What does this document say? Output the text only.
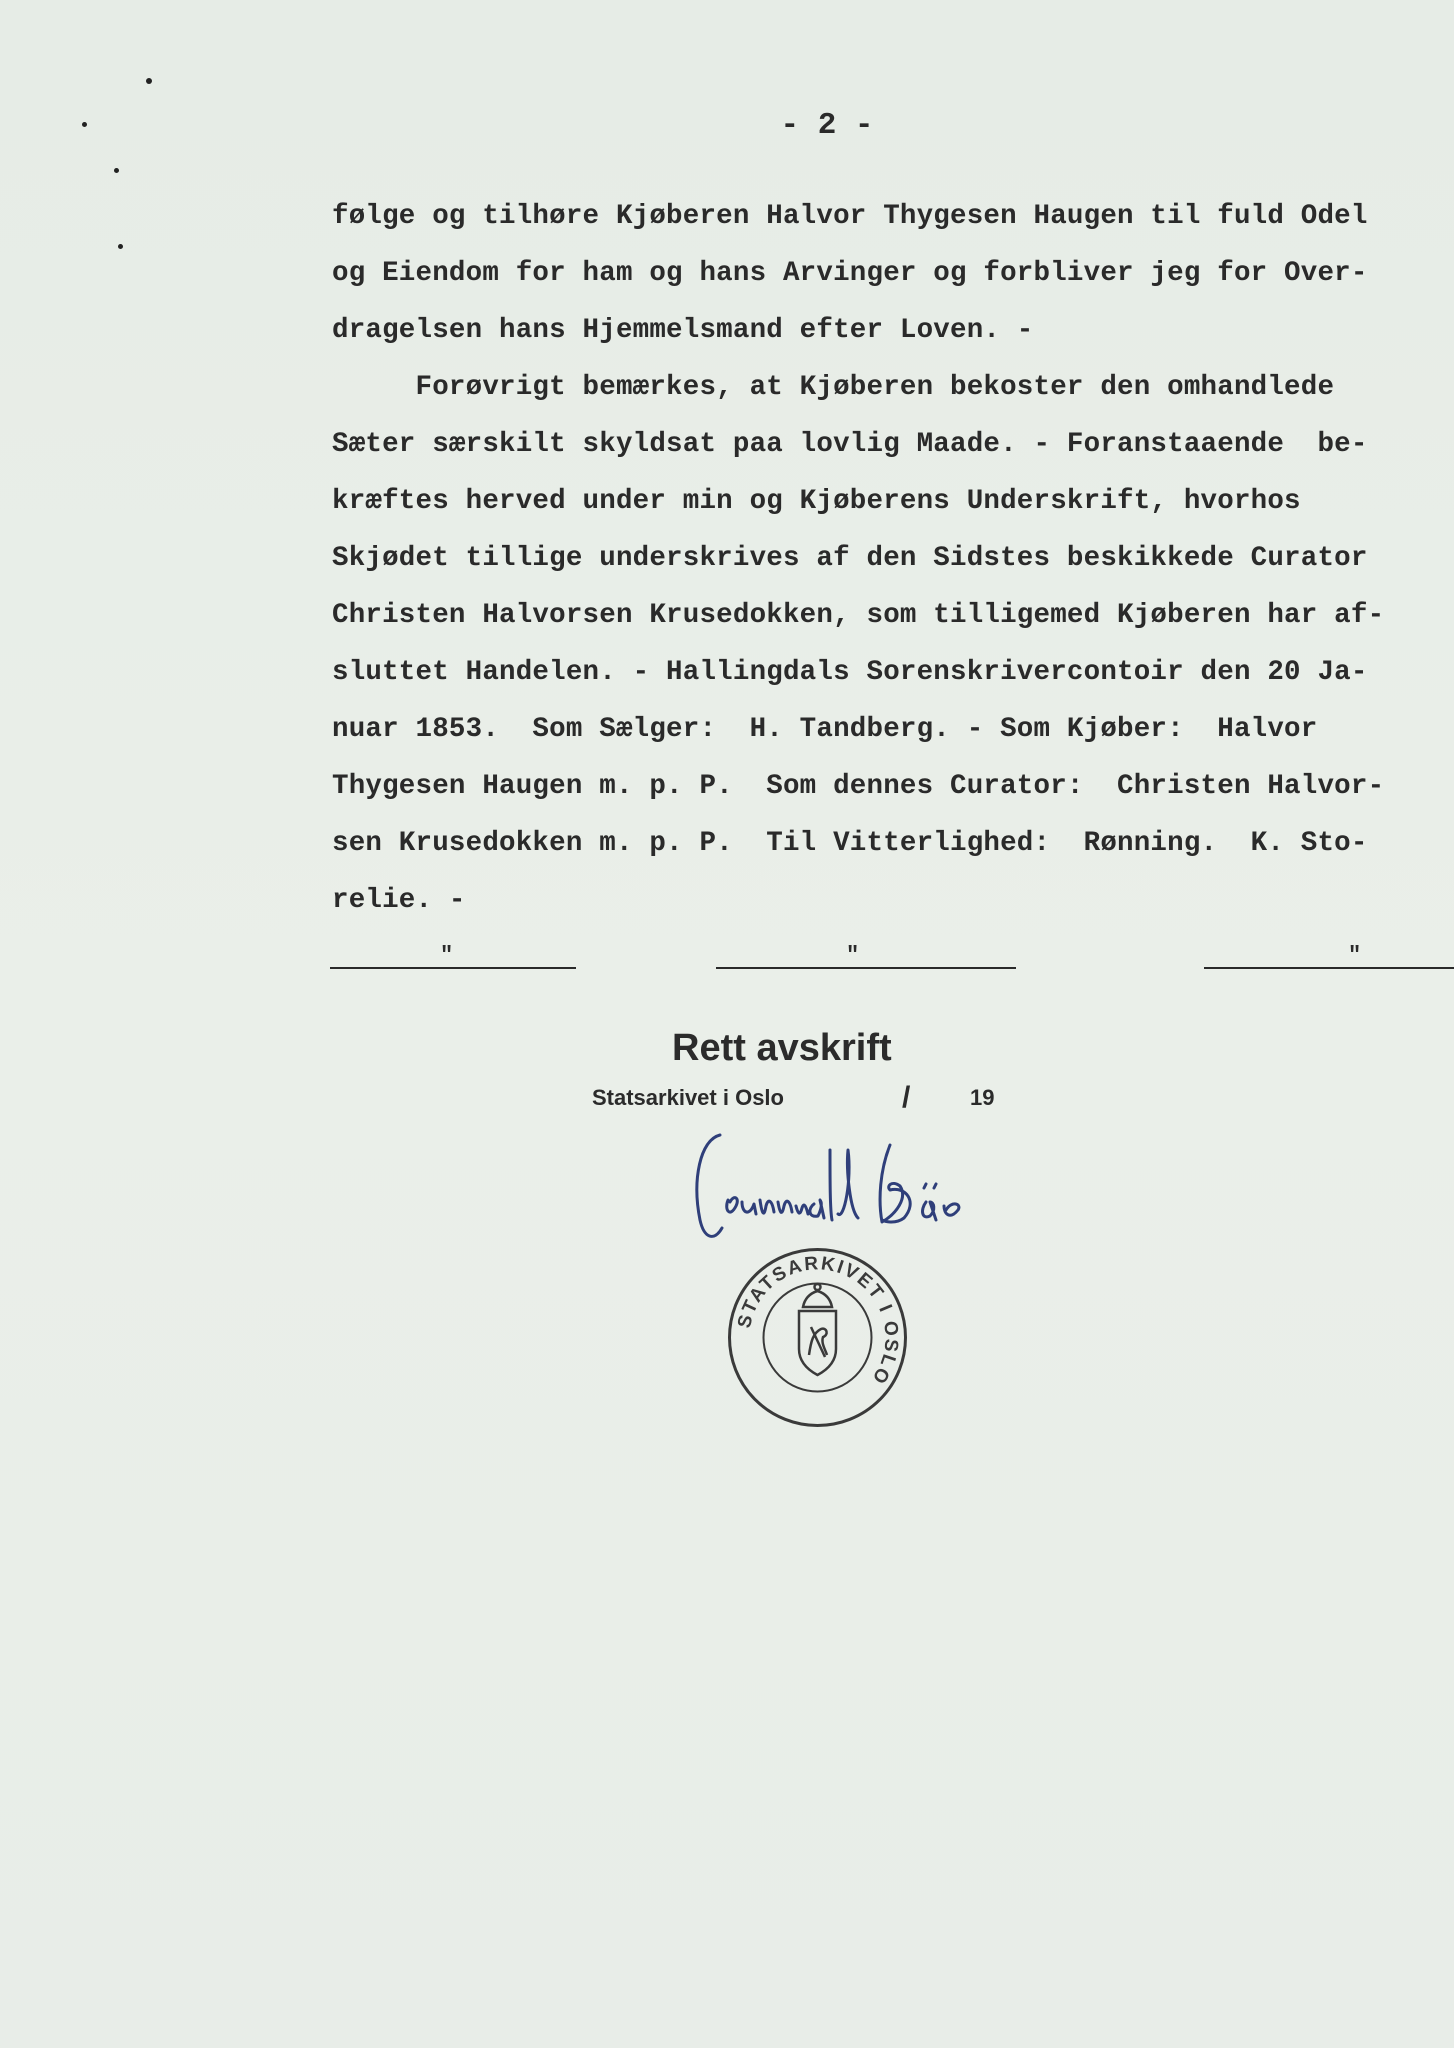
- 2 -
følge og tilhøre Kjøberen Halvor Thygesen Haugen til fuld Odel
og Eiendom for ham og hans Arvinger og forbliver jeg for Over-
dragelsen hans Hjemmelsmand efter Loven. -
Forøvrigt bemærkes, at Kjøberen bekoster den omhandlede
Sæter særskilt skyldsat paa lovlig Maade. - Foranstaaende  be-
kræftes herved under min og Kjøberens Underskrift, hvorhos
Skjødet tillige underskrives af den Sidstes beskikkede Curator
Christen Halvorsen Krusedokken, som tilligemed Kjøberen har af-
sluttet Handelen. - Hallingdals Sorenskrivercontoir den 20 Ja-
nuar 1853.  Som Sælger:  H. Tandberg. - Som Kjøber:  Halvor
Thygesen Haugen m. p. P.  Som dennes Curator:  Christen Halvor-
sen Krusedokken m. p. P.  Til Vitterlighed:  Rønning.  K. Sto-
relie. -
"	"	"
Rett avskrift
Statsarkivet i Oslo	/	19
STATSARKIVET I OSLO
